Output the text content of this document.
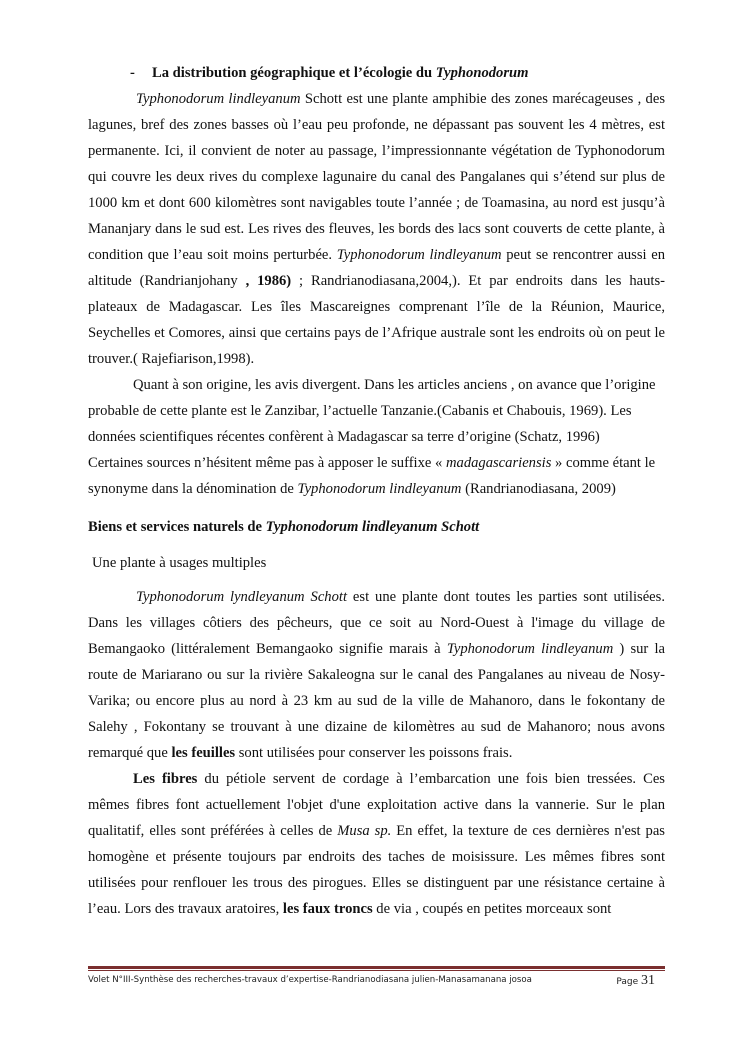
- La distribution géographique et l’écologie du Typhonodorum

Typhonodorum lindleyanum Schott est une plante amphibie des zones marécageuses , des lagunes, bref des zones basses où l’eau peu profonde, ne dépassant pas souvent les 4 mètres, est permanente. Ici, il convient de noter au passage, l’impressionnante végétation de Typhonodorum qui couvre les deux rives du complexe lagunaire du canal des Pangalanes qui s’étend sur plus de 1000 km et dont 600 kilomètres sont navigables toute l’année ; de Toamasina, au nord est jusqu’à Mananjary dans le sud est. Les rives des fleuves, les bords des lacs sont couverts de cette plante, à condition que l’eau soit moins perturbée. Typhonodorum lindleyanum peut se rencontrer aussi en altitude (Randrianjohany , 1986) ; Randrianodiasana,2004,). Et par endroits dans les hauts-plateaux de Madagascar. Les îles Mascareignes comprenant l’île de la Réunion, Maurice, Seychelles et Comores, ainsi que certains pays de l’Afrique australe sont les endroits où on peut le trouver.( Rajefiarison,1998).

Quant à son origine, les avis divergent. Dans les articles anciens , on avance que l’origine probable de cette plante est le Zanzibar, l’actuelle Tanzanie.(Cabanis et Chabouis, 1969). Les données scientifiques récentes confèrent à Madagascar sa terre d’origine (Schatz, 1996)

Certaines sources n’hésitent même pas à apposer le suffixe « madagascariensis » comme étant le synonyme dans la dénomination de Typhonodorum lindleyanum (Randrianodiasana, 2009)

Biens et services naturels de Typhonodorum lindleyanum Schott
Une plante à usages multiples

Typhonodorum lyndleyanum Schott est une plante dont toutes les parties sont utilisées. Dans les villages côtiers des pêcheurs, que ce soit au Nord-Ouest à l'image du village de Bemangaoko (littéralement Bemangaoko signifie marais à Typhonodorum lindleyanum ) sur la route de Mariarano ou sur la rivière Sakaleogna sur le canal des Pangalanes au niveau de Nosy-Varika; ou encore plus au nord à 23 km au sud de la ville de Mahanoro, dans le fokontany de Salehy , Fokontany se trouvant à une dizaine de kilomètres au sud de Mahanoro; nous avons remarqué que les feuilles sont utilisées pour conserver les poissons frais.

Les fibres du pétiole servent de cordage à l’embarcation une fois bien tressées. Ces mêmes fibres font actuellement l'objet d'une exploitation active dans la vannerie. Sur le plan qualitatif, elles sont préférées à celles de Musa sp. En effet, la texture de ces dernières n'est pas homogène et présente toujours par endroits des taches de moisissure. Les mêmes fibres sont utilisées pour renflouer les trous des pirogues. Elles se distinguent par une résistance certaine à l’eau. Lors des travaux aratoires, les faux troncs de via , coupés en petites morceaux sont

Volet N°III-Synthèse des recherches-travaux d’expertise-Randrianodiasana julien-Manasamanana josoa	Page 31
